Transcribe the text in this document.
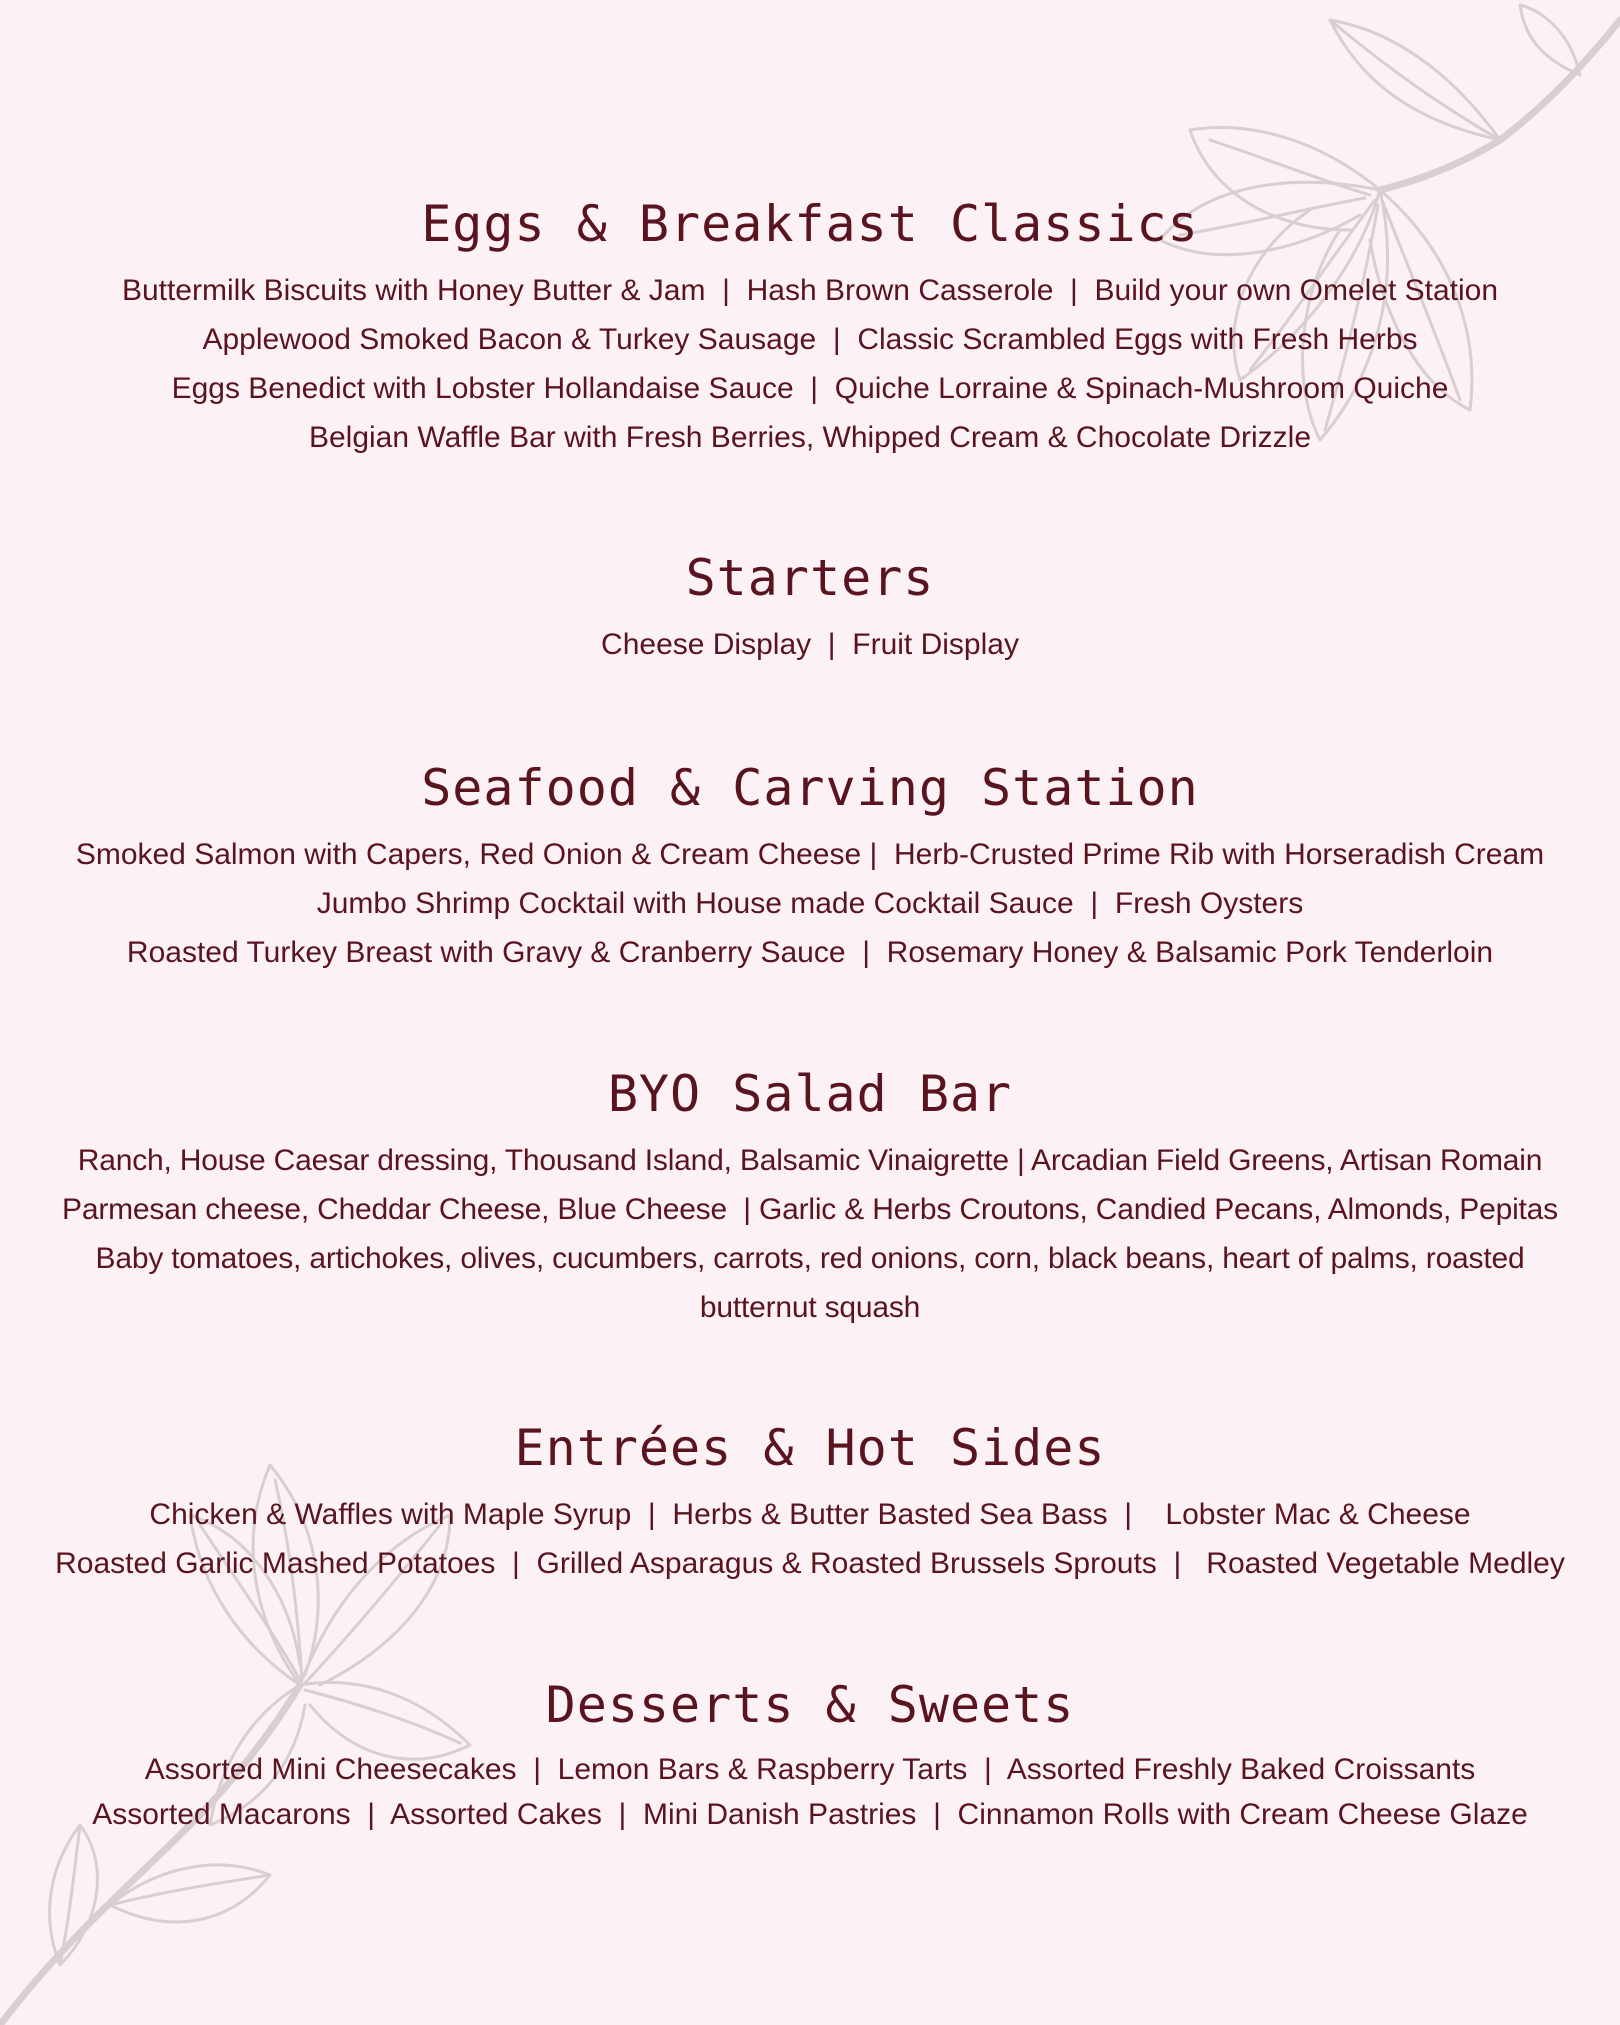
Eggs & Breakfast Classics
Buttermilk Biscuits with Honey Butter & Jam  |  Hash Brown Casserole  |  Build your own Omelet Station
Applewood Smoked Bacon & Turkey Sausage  |  Classic Scrambled Eggs with Fresh Herbs
Eggs Benedict with Lobster Hollandaise Sauce  |  Quiche Lorraine & Spinach-Mushroom Quiche
Belgian Waffle Bar with Fresh Berries, Whipped Cream & Chocolate Drizzle
Starters
Cheese Display  |  Fruit Display
Seafood & Carving Station
Smoked Salmon with Capers, Red Onion & Cream Cheese |  Herb-Crusted Prime Rib with Horseradish Cream
Jumbo Shrimp Cocktail with House made Cocktail Sauce  |  Fresh Oysters
Roasted Turkey Breast with Gravy & Cranberry Sauce  |  Rosemary Honey & Balsamic Pork Tenderloin
BYO Salad Bar
Ranch, House Caesar dressing, Thousand Island, Balsamic Vinaigrette | Arcadian Field Greens, Artisan Romain
Parmesan cheese, Cheddar Cheese, Blue Cheese  | Garlic & Herbs Croutons, Candied Pecans, Almonds, Pepitas
Baby tomatoes, artichokes, olives, cucumbers, carrots, red onions, corn, black beans, heart of palms, roasted
butternut squash
Entrées & Hot Sides
Chicken & Waffles with Maple Syrup  |  Herbs & Butter Basted Sea Bass  |    Lobster Mac & Cheese
Roasted Garlic Mashed Potatoes  |  Grilled Asparagus & Roasted Brussels Sprouts  |   Roasted Vegetable Medley
Desserts & Sweets
Assorted Mini Cheesecakes  |  Lemon Bars & Raspberry Tarts  |  Assorted Freshly Baked Croissants
Assorted Macarons  |  Assorted Cakes  |  Mini Danish Pastries  |  Cinnamon Rolls with Cream Cheese Glaze
